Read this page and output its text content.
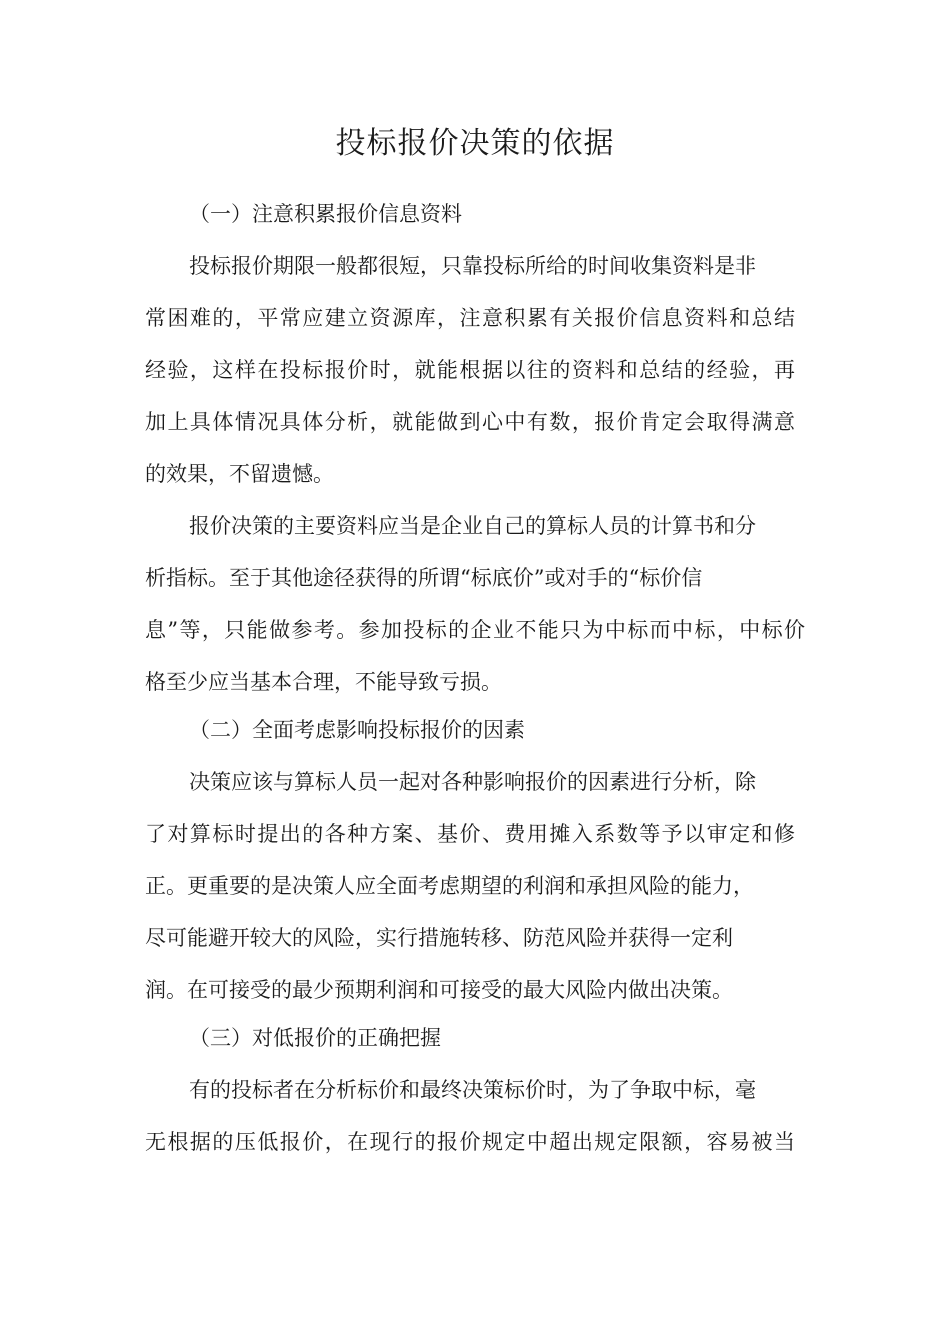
投标报价决策的依据
（一）注意积累报价信息资料
投标报价期限一般都很短，只靠投标所给的时间收集资料是非
常困难的，平常应建立资源库，注意积累有关报价信息资料和总结
经验，这样在投标报价时，就能根据以往的资料和总结的经验，再
加上具体情况具体分析，就能做到心中有数，报价肯定会取得满意
的效果，不留遗憾。
报价决策的主要资料应当是企业自己的算标人员的计算书和分
析指标。至于其他途径获得的所谓“标底价”或对手的“标价信
息”等，只能做参考。参加投标的企业不能只为中标而中标，中标价
格至少应当基本合理，不能导致亏损。
（二）全面考虑影响投标报价的因素
决策应该与算标人员一起对各种影响报价的因素进行分析，除
了对算标时提出的各种方案、基价、费用摊入系数等予以审定和修
正。更重要的是决策人应全面考虑期望的利润和承担风险的能力，
尽可能避开较大的风险，实行措施转移、防范风险并获得一定利
润。在可接受的最少预期利润和可接受的最大风险内做出决策。
（三）对低报价的正确把握
有的投标者在分析标价和最终决策标价时，为了争取中标，毫
无根据的压低报价，在现行的报价规定中超出规定限额，容易被当
